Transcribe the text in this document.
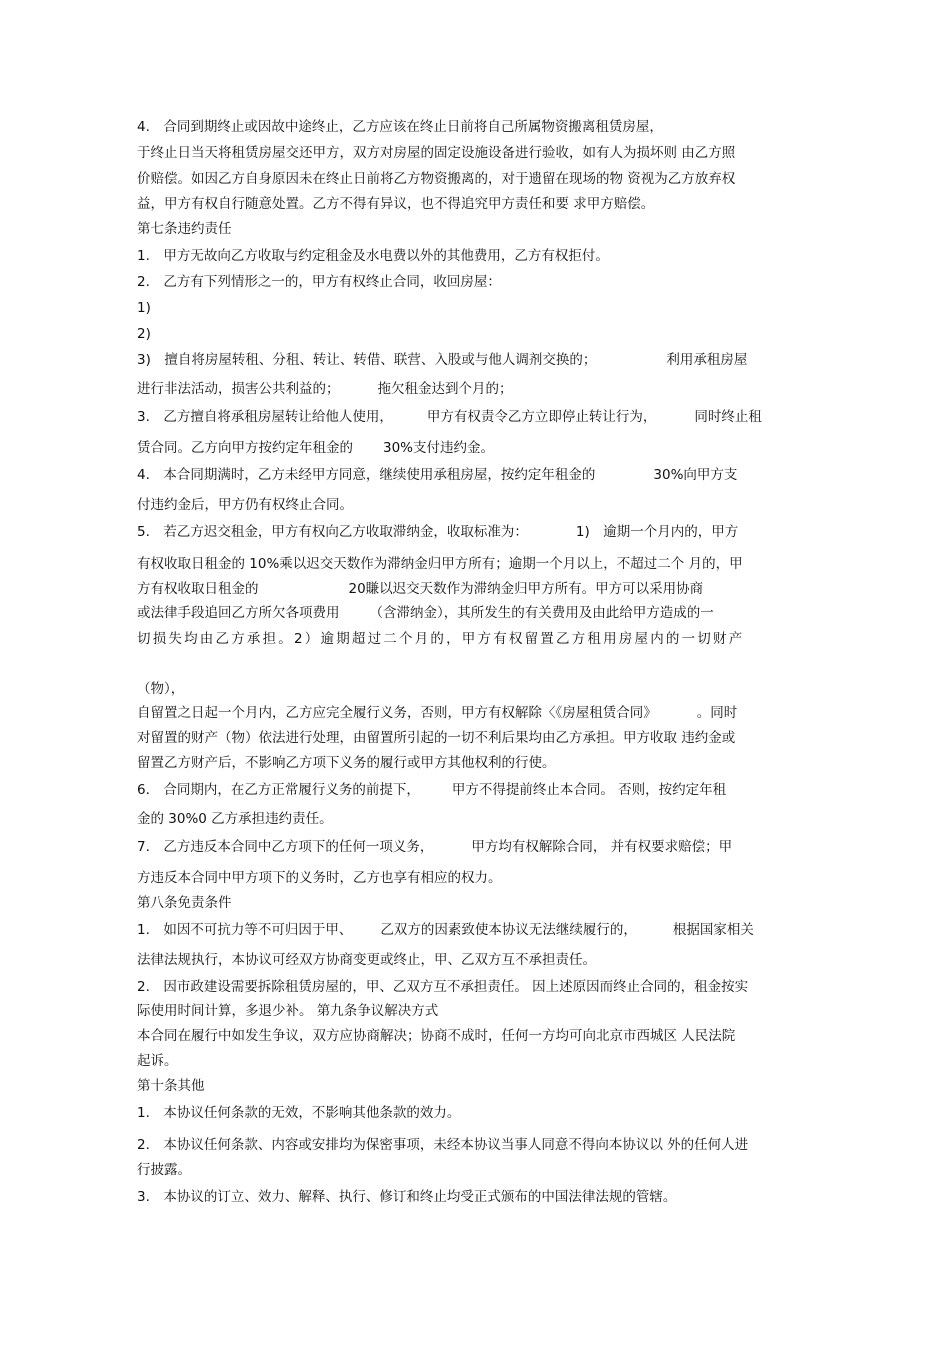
4.　合同到期终止或因故中途终止，乙方应该在终止日前将自己所属物资搬离租赁房屋，
于终止日当天将租赁房屋交还甲方，双方对房屋的固定设施设备进行验收，如有人为损坏则 由乙方照
价赔偿。如因乙方自身原因未在终止日前将乙方物资搬离的，对于遗留在现场的物 资视为乙方放弃权
益，甲方有权自行随意处置。乙方不得有异议，也不得追究甲方责任和要 求甲方赔偿。
第七条违约责任
1.　甲方无故向乙方收取与约定租金及水电费以外的其他费用，乙方有权拒付。
2.　乙方有下列情形之一的，甲方有权终止合同，收回房屋：
1)
2)
3)　擅自将房屋转租、分租、转让、转借、联营、入股或与他人调剂交换的；	利用承租房屋
进行非法活动，损害公共利益的；	拖欠租金达到个月的；
3.　乙方擅自将承租房屋转让给他人使用，	甲方有权责令乙方立即停止转让行为，	同时终止租
赁合同。乙方向甲方按约定年租金的 30%支付违约金。
4.　本合同期满时，乙方未经甲方同意，继续使用承租房屋，按约定年租金的	30%向甲方支
付违约金后，甲方仍有权终止合同。
5.　若乙方迟交租金，甲方有权向乙方收取滞纳金，收取标准为：	1)　逾期一个月内的，甲方
有权收取日租金的 10%乘以迟交天数作为滞纳金归甲方所有；逾期一个月以上，不超过二个 月的，甲
方有权收取日租金的	20賺以迟交天数作为滞纳金归甲方所有。甲方可以采用协商
或法律手段追回乙方所欠各项费用 （含滞纳金），其所发生的有关费用及由此给甲方造成的一
切损失均由乙方承担。2）逾期超过二个月的，甲方有权留置乙方租用房屋内的一切财产
（物），
自留置之日起一个月内，乙方应完全履行义务，否则，甲方有权解除〈《房屋租赁合同》	。同时
对留置的财产（物）依法进行处理，由留置所引起的一切不利后果均由乙方承担。甲方收取 违约金或
留置乙方财产后，不影响乙方项下义务的履行或甲方其他权利的行使。
6.　合同期内，在乙方正常履行义务的前提下， 甲方不得提前终止本合同。 否则，按约定年租
金的 30%0 乙方承担违约责任。
7.　乙方违反本合同中乙方项下的任何一项义务，	甲方均有权解除合同， 并有权要求赔偿；甲
方违反本合同中甲方项下的义务时，乙方也享有相应的权力。
第八条免责条件
1.　如因不可抗力等不可归因于甲、 乙双方的因素致使本协议无法继续履行的，	根据国家相关
法律法规执行，本协议可经双方协商变更或终止，甲、乙双方互不承担责任。
2.　因市政建设需要拆除租赁房屋的，甲、乙双方互不承担责任。 因上述原因而终止合同的，租金按实
际使用时间计算，多退少补。 第九条争议解决方式
本合同在履行中如发生争议，双方应协商解决；协商不成时，任何一方均可向北京市西城区 人民法院
起诉。
第十条其他
1.　本协议任何条款的无效，不影响其他条款的效力。
2.　本协议任何条款、内容或安排均为保密事项，未经本协议当事人同意不得向本协议以 外的任何人进
行披露。
3.　本协议的订立、效力、解释、执行、修订和终止均受正式颁布的中国法律法规的管辖。
